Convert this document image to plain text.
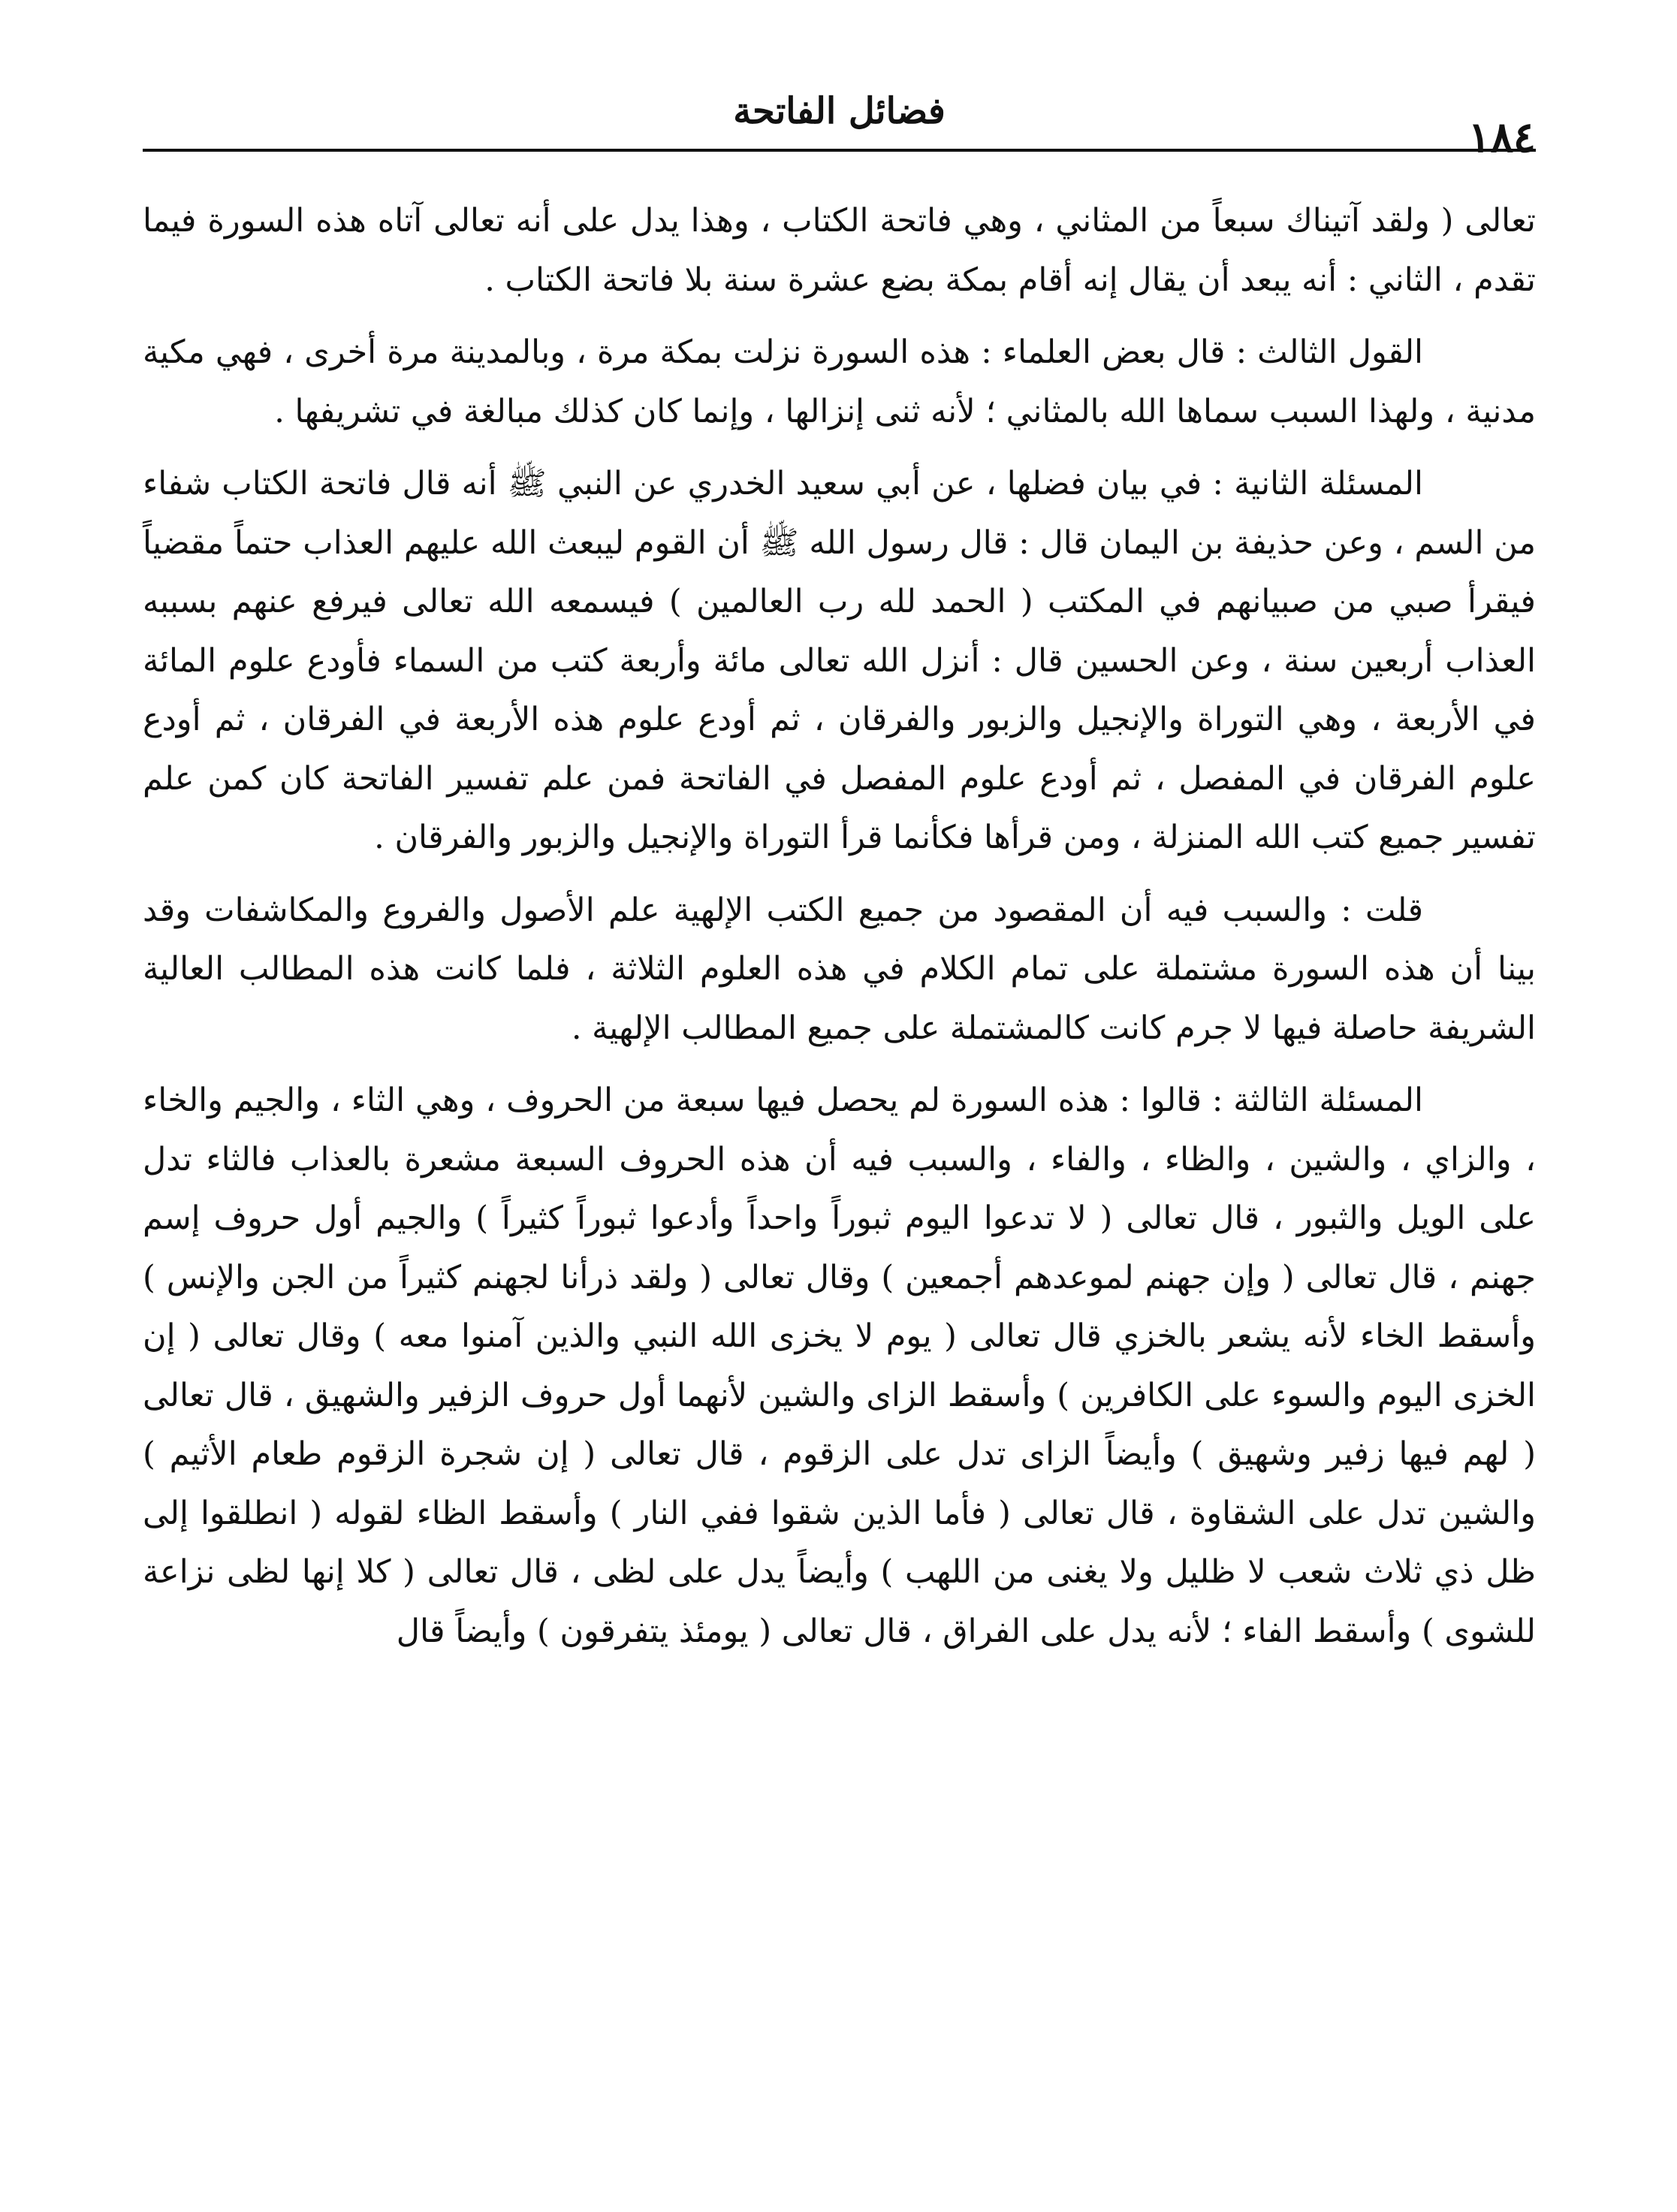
فضائل الفاتحة
١٨٤

تعالى ( ولقد آتيناك سبعاً من المثاني ، وهي فاتحة الكتاب ، وهذا يدل على أنه تعالى آتاه هذه السورة فيما تقدم ، الثاني : أنه يبعد أن يقال إنه أقام بمكة بضع عشرة سنة بلا فاتحة الكتاب .

القول الثالث : قال بعض العلماء : هذه السورة نزلت بمكة مرة ، وبالمدينة مرة أخرى ، فهي مكية مدنية ، ولهذا السبب سماها الله بالمثاني ؛ لأنه ثنى إنزالها ، وإنما كان كذلك مبالغة في تشريفها .

المسئلة الثانية : في بيان فضلها ، عن أبي سعيد الخدري عن النبي ﷺ أنه قال فاتحة الكتاب شفاء من السم ، وعن حذيفة بن اليمان قال : قال رسول الله ﷺ أن القوم ليبعث الله عليهم العذاب حتماً مقضياً فيقرأ صبي من صبيانهم في المكتب ( الحمد لله رب العالمين ) فيسمعه الله تعالى فيرفع عنهم بسببه العذاب أربعين سنة ، وعن الحسين قال : أنزل الله تعالى مائة وأربعة كتب من السماء فأودع علوم المائة في الأربعة ، وهي التوراة والإنجيل والزبور والفرقان ، ثم أودع علوم هذه الأربعة في الفرقان ، ثم أودع علوم الفرقان في المفصل ، ثم أودع علوم المفصل في الفاتحة فمن علم تفسير الفاتحة كان كمن علم تفسير جميع كتب الله المنزلة ، ومن قرأها فكأنما قرأ التوراة والإنجيل والزبور والفرقان .

قلت : والسبب فيه أن المقصود من جميع الكتب الإلهية علم الأصول والفروع والمكاشفات وقد بينا أن هذه السورة مشتملة على تمام الكلام في هذه العلوم الثلاثة ، فلما كانت هذه المطالب العالية الشريفة حاصلة فيها لا جرم كانت كالمشتملة على جميع المطالب الإلهية .

المسئلة الثالثة : قالوا : هذه السورة لم يحصل فيها سبعة من الحروف ، وهي الثاء ، والجيم والخاء ، والزاي ، والشين ، والظاء ، والفاء ، والسبب فيه أن هذه الحروف السبعة مشعرة بالعذاب فالثاء تدل على الويل والثبور ، قال تعالى ( لا تدعوا اليوم ثبوراً واحداً وأدعوا ثبوراً كثيراً ) والجيم أول حروف إسم جهنم ، قال تعالى ( وإن جهنم لموعدهم أجمعين ) وقال تعالى ( ولقد ذرأنا لجهنم كثيراً من الجن والإنس ) وأسقط الخاء لأنه يشعر بالخزي قال تعالى ( يوم لا يخزى الله النبي والذين آمنوا معه ) وقال تعالى ( إن الخزى اليوم والسوء على الكافرين ) وأسقط الزاى والشين لأنهما أول حروف الزفير والشهيق ، قال تعالى ( لهم فيها زفير وشهيق ) وأيضاً الزاى تدل على الزقوم ، قال تعالى ( إن شجرة الزقوم طعام الأثيم ) والشين تدل على الشقاوة ، قال تعالى ( فأما الذين شقوا ففي النار ) وأسقط الظاء لقوله ( انطلقوا إلى ظل ذي ثلاث شعب لا ظليل ولا يغنى من اللهب ) وأيضاً يدل على لظى ، قال تعالى ( كلا إنها لظى نزاعة للشوى ) وأسقط الفاء ؛ لأنه يدل على الفراق ، قال تعالى ( يومئذ يتفرقون ) وأيضاً قال
